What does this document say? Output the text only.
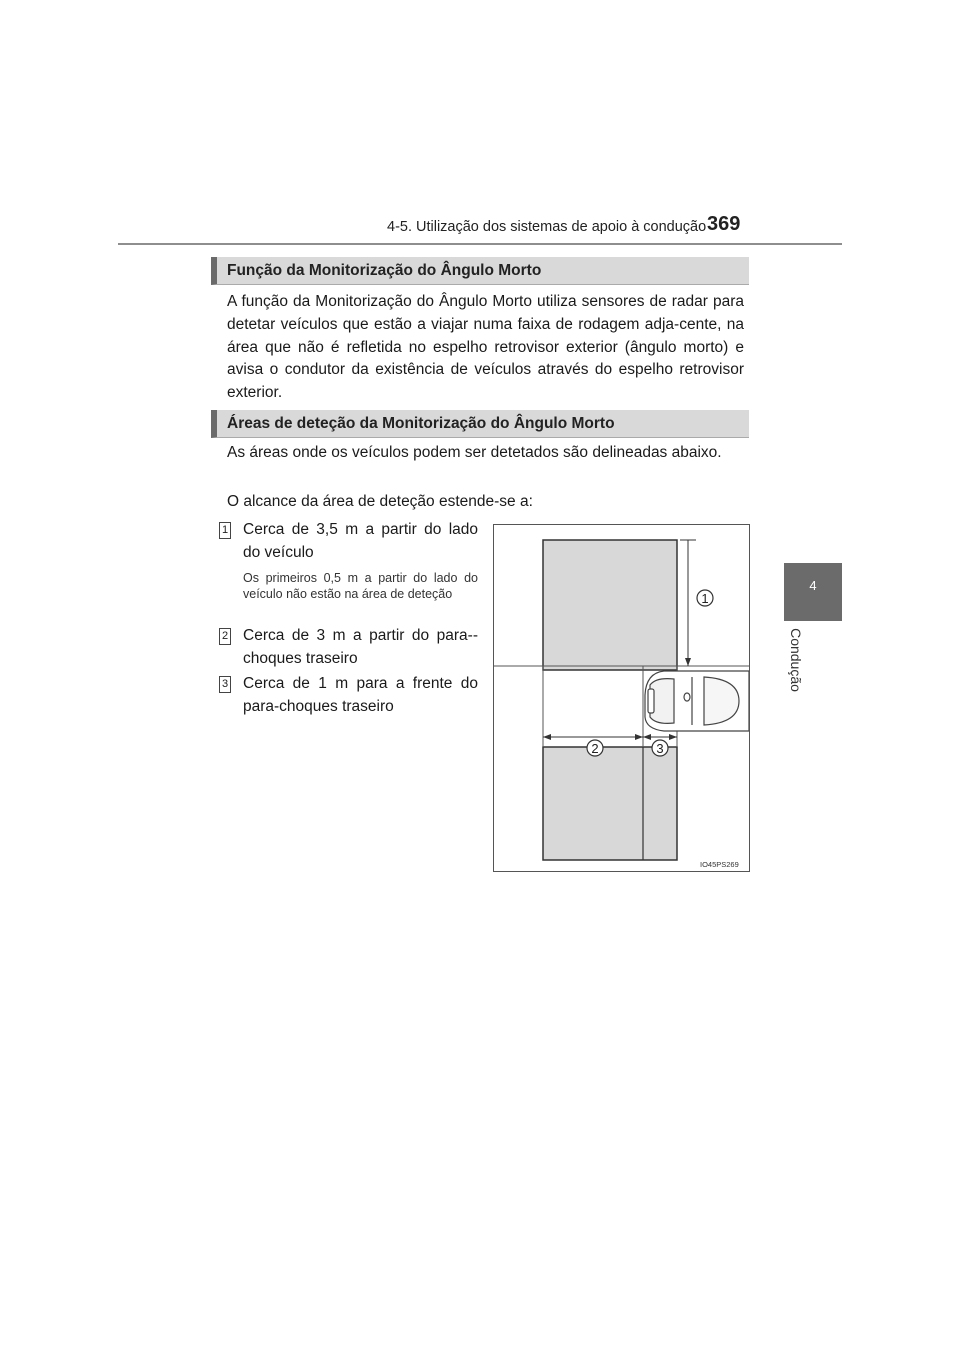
4-5. Utilização dos sistemas de apoio à condução 369
4
Condução
Função da Monitorização do Ângulo Morto
A função da Monitorização do Ângulo Morto utiliza sensores de radar para detetar veículos que estão a viajar numa faixa de rodagem adja-cente, na área que não é refletida no espelho retrovisor exterior (ângulo morto) e avisa o condutor da existência de veículos através do espelho retrovisor exterior.
Áreas de deteção da Monitorização do Ângulo Morto
As áreas onde os veículos podem ser detetados são delineadas abaixo.
O alcance da área de deteção estende-se a:
1 Cerca de 3,5 m a partir do lado do veículo
Os primeiros 0,5 m a partir do lado do veículo não estão na área de deteção
2 Cerca de 3 m a partir do para--choques traseiro
3 Cerca de 1 m para a frente do para-choques traseiro
1
2	3
IO45PS269
